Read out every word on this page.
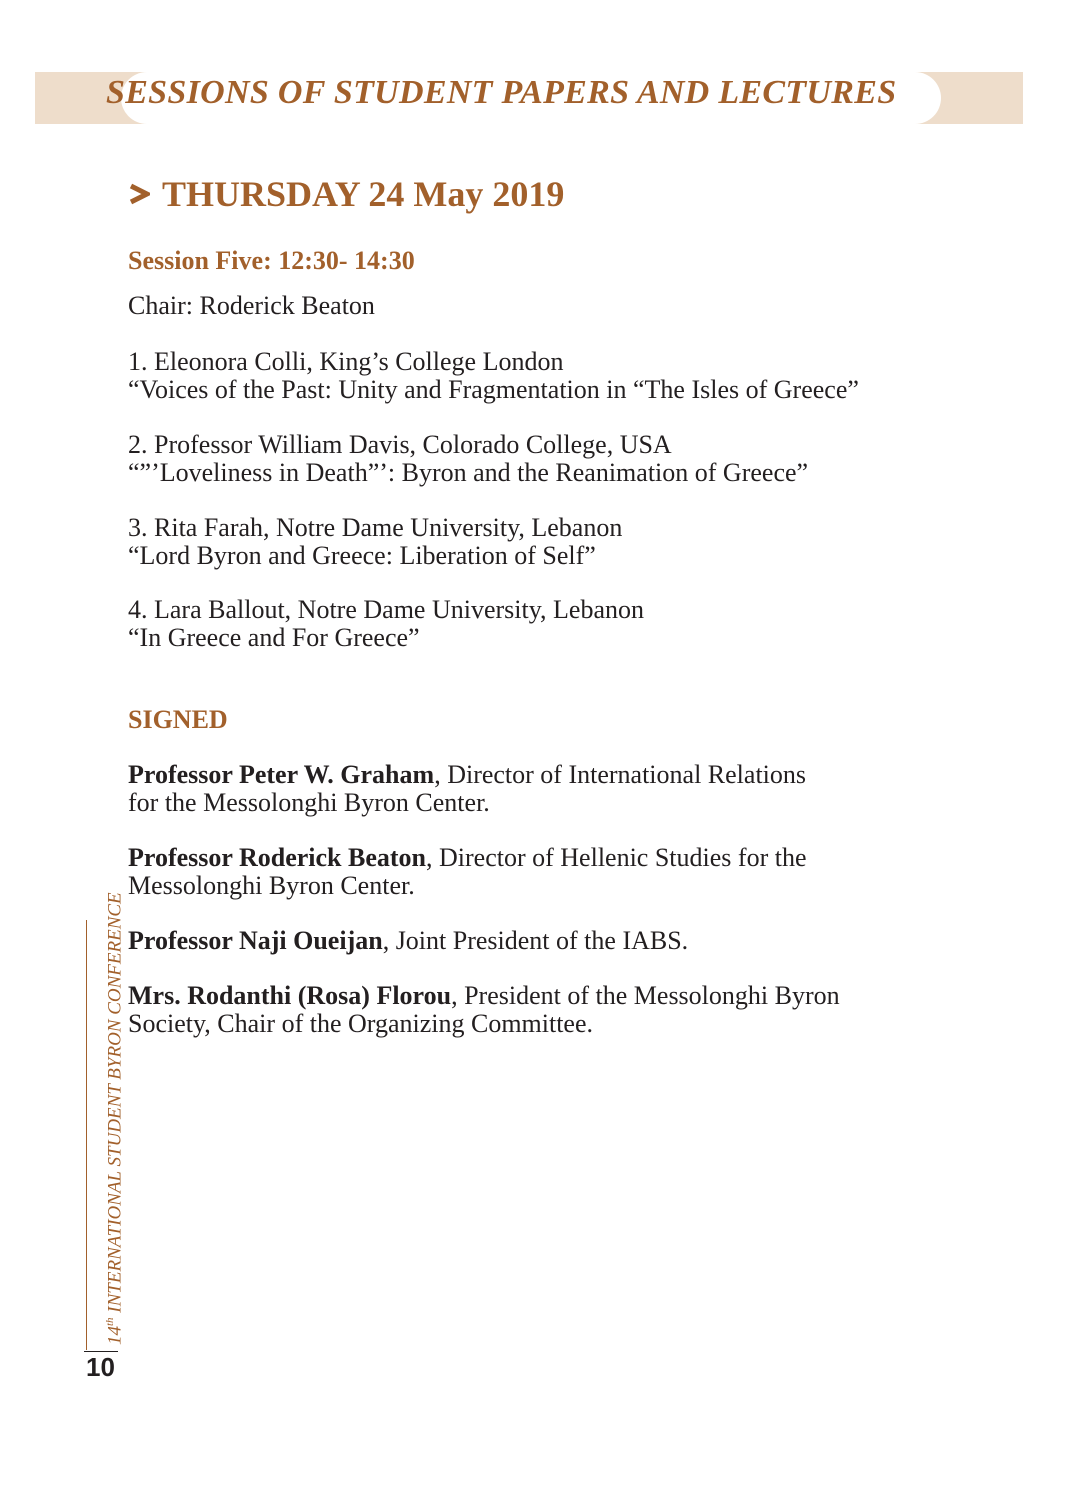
SESSIONS OF STUDENT PAPERS AND LECTURES
THURSDAY 24 May 2019
Session Five: 12:30- 14:30
Chair: Roderick Beaton
1. Eleonora Colli, King’s College London
“Voices of the Past: Unity and Fragmentation in “The Isles of Greece”
2. Professor William Davis, Colorado College, USA
“”’Loveliness in Death”’: Byron and the Reanimation of Greece”
3. Rita Farah, Notre Dame University, Lebanon
“Lord Byron and Greece: Liberation of Self”
4. Lara Ballout, Notre Dame University, Lebanon
“In Greece and For Greece”
SIGNED
Professor Peter W. Graham, Director of International Relations
for the Messolonghi Byron Center.
Professor Roderick Beaton, Director of Hellenic Studies for the
Messolonghi Byron Center.
Professor Naji Oueijan, Joint President of the IABS.
Mrs. Rodanthi (Rosa) Florou, President of the Messolonghi Byron
Society, Chair of the Organizing Committee.
14th INTERNATIONAL STUDENT BYRON CONFERENCE
10
